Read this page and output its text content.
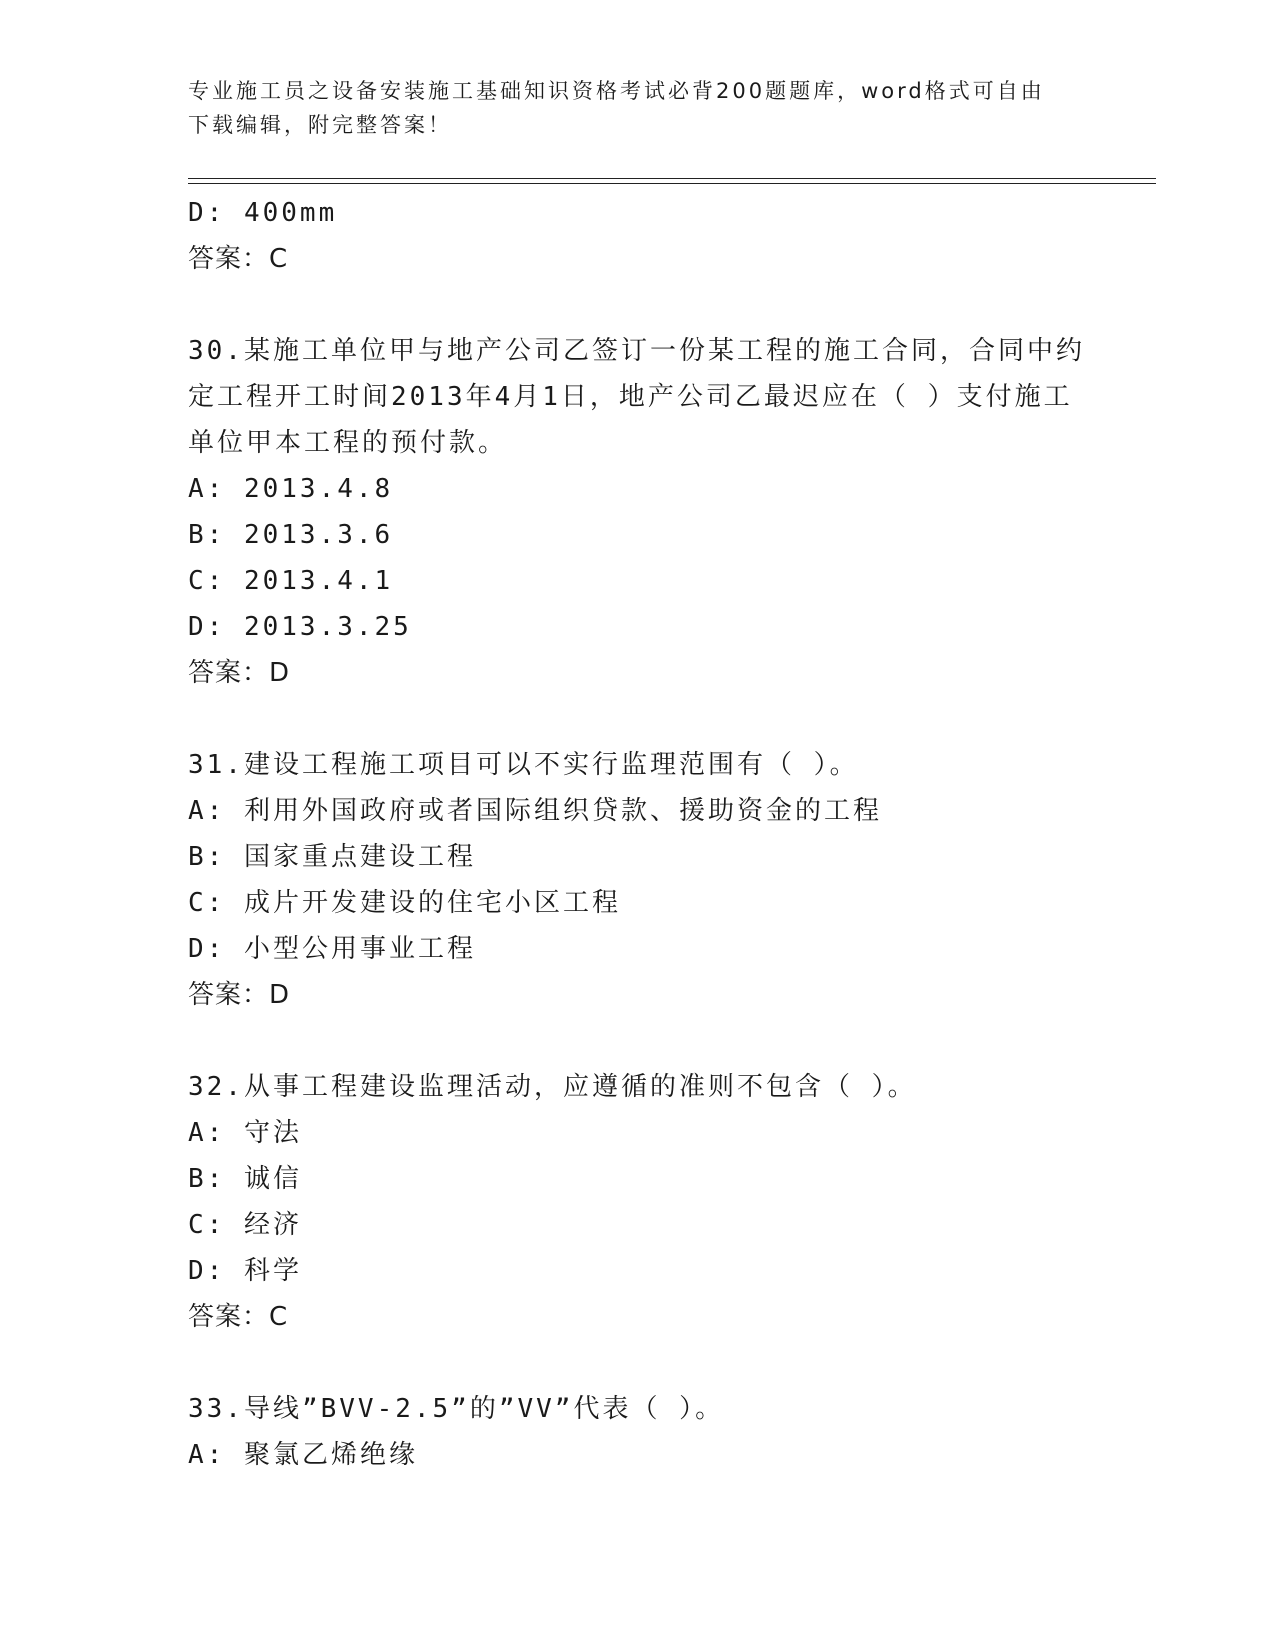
专业施工员之设备安装施工基础知识资格考试必背200题题库，word格式可自由下载编辑，附完整答案！
D: 400mm
答案：C
30.某施工单位甲与地产公司乙签订一份某工程的施工合同，合同中约定工程开工时间2013年4月1日，地产公司乙最迟应在（ ）支付施工单位甲本工程的预付款。
A: 2013.4.8
B: 2013.3.6
C: 2013.4.1
D: 2013.3.25
答案：D
31.建设工程施工项目可以不实行监理范围有（ ）。
A: 利用外国政府或者国际组织贷款、援助资金的工程
B: 国家重点建设工程
C: 成片开发建设的住宅小区工程
D: 小型公用事业工程
答案：D
32.从事工程建设监理活动，应遵循的准则不包含（ ）。
A: 守法
B: 诚信
C: 经济
D: 科学
答案：C
33.导线”BVV-2.5”的”VV”代表（ ）。
A: 聚氯乙烯绝缘
